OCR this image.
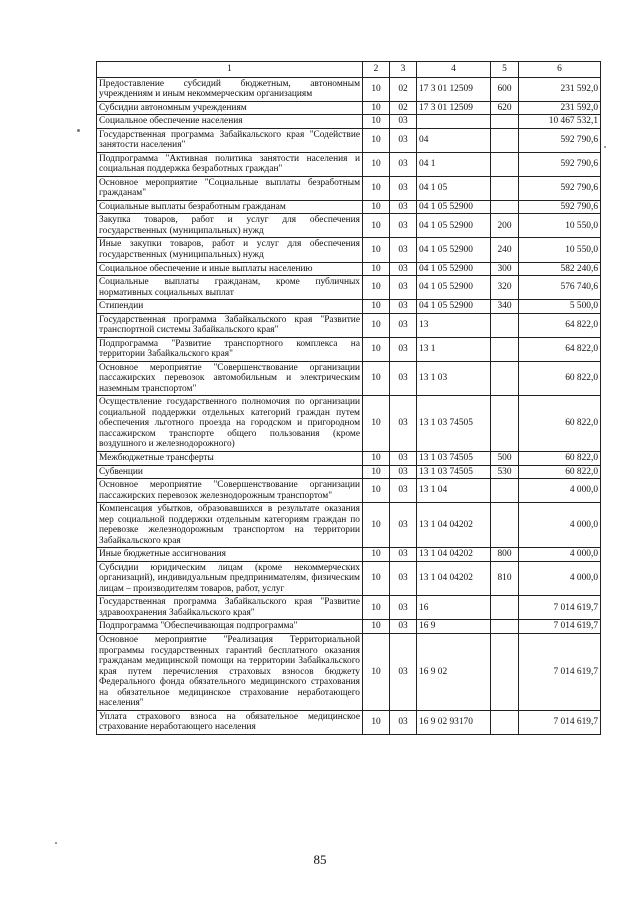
1	2	3	4	5	6
Предоставление субсидий бюджетным, автономным учреждениям и иным некоммерческим организациям	10	02	17 3 01 12509	600	231 592,0
Субсидии автономным учреждениям	10	02	17 3 01 12509	620	231 592,0
Социальное обеспечение населения	10	03			10 467 532,1
Государственная программа Забайкальского края "Содействие занятости населения"	10	03	04		592 790,6
Подпрограмма "Активная политика занятости населения и социальная поддержка безработных граждан"	10	03	04 1		592 790,6
Основное мероприятие "Социальные выплаты безработным гражданам"	10	03	04 1 05		592 790,6
Социальные выплаты безработным гражданам	10	03	04 1 05 52900		592 790,6
Закупка товаров, работ и услуг для обеспечения государственных (муниципальных) нужд	10	03	04 1 05 52900	200	10 550,0
Иные закупки товаров, работ и услуг для обеспечения государственных (муниципальных) нужд	10	03	04 1 05 52900	240	10 550,0
Социальное обеспечение и иные выплаты населению	10	03	04 1 05 52900	300	582 240,6
Социальные выплаты гражданам, кроме публичных нормативных социальных выплат	10	03	04 1 05 52900	320	576 740,6
Стипендии	10	03	04 1 05 52900	340	5 500,0
Государственная программа Забайкальского края "Развитие транспортной системы Забайкальского края"	10	03	13		64 822,0
Подпрограмма "Развитие транспортного комплекса на территории Забайкальского края"	10	03	13 1		64 822,0
Основное мероприятие "Совершенствование организации пассажирских перевозок автомобильным и электрическим наземным транспортом"	10	03	13 1 03		60 822,0
Осуществление государственного полномочия по организации социальной поддержки отдельных категорий граждан путем обеспечения льготного проезда на городском и пригородном пассажирском транспорте общего пользования (кроме воздушного и железнодорожного)	10	03	13 1 03 74505		60 822,0
Межбюджетные трансферты	10	03	13 1 03 74505	500	60 822,0
Субвенции	10	03	13 1 03 74505	530	60 822,0
Основное мероприятие "Совершенствование организации пассажирских перевозок железнодорожным транспортом"	10	03	13 1 04		4 000,0
Компенсация убытков, образовавшихся в результате оказания мер социальной поддержки отдельным категориям граждан по перевозке железнодорожным транспортом на территории Забайкальского края	10	03	13 1 04 04202		4 000,0
Иные бюджетные ассигнования	10	03	13 1 04 04202	800	4 000,0
Субсидии юридическим лицам (кроме некоммерческих организаций), индивидуальным предпринимателям, физическим лицам – производителям товаров, работ, услуг	10	03	13 1 04 04202	810	4 000,0
Государственная программа Забайкальского края "Развитие здравоохранения Забайкальского края"	10	03	16		7 014 619,7
Подпрограмма "Обеспечивающая подпрограмма"	10	03	16 9		7 014 619,7
Основное мероприятие "Реализация Территориальной программы государственных гарантий бесплатного оказания гражданам медицинской помощи на территории Забайкальского края путем перечисления страховых взносов бюджету Федерального фонда обязательного медицинского страхования на обязательное медицинское страхование неработающего населения"	10	03	16 9 02		7 014 619,7
Уплата страхового взноса на обязательное медицинское страхование неработающего населения	10	03	16 9 02 93170		7 014 619,7
85
